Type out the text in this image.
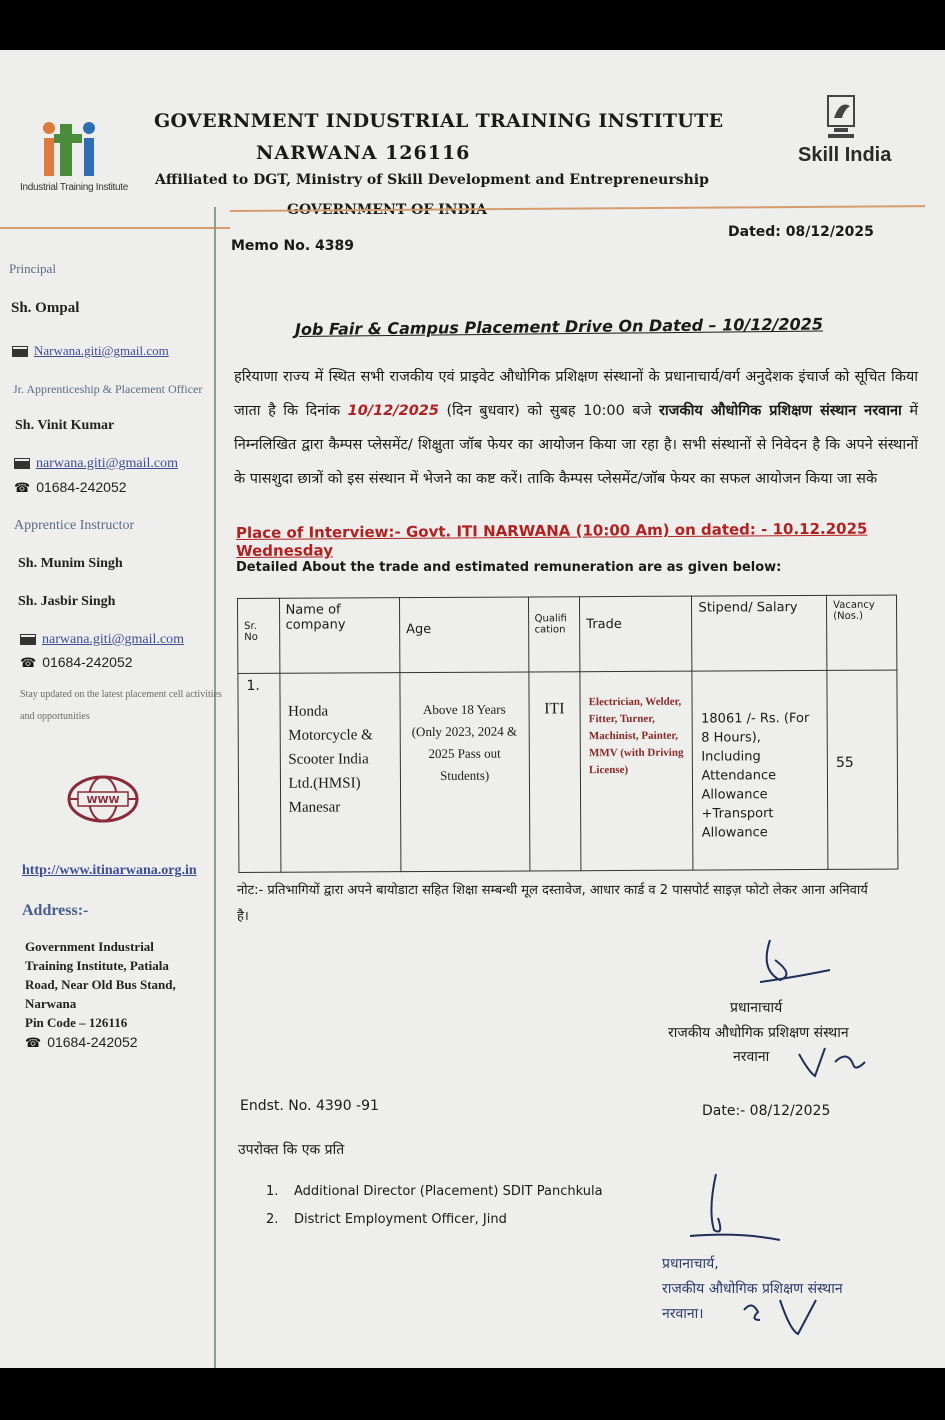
Industrial Training Institute
GOVERNMENT INDUSTRIAL TRAINING INSTITUTE
NARWANA 126116
Affiliated to DGT, Ministry of Skill Development and Entrepreneurship
Skill India
Principal
Sh. Ompal
Narwana.giti@gmail.com
Jr. Apprenticeship & Placement Officer
Sh. Vinit Kumar
narwana.giti@gmail.com
☎ 01684-242052
Apprentice Instructor
Sh. Munim Singh
Sh. Jasbir Singh
narwana.giti@gmail.com
☎ 01684-242052
Stay updated on the latest placement cell activities and opportunities
WWW
http://www.itinarwana.org.in
Address:-
Government Industrial
Training Institute, Patiala
Road, Near Old Bus Stand,
Narwana
Pin Code – 126116
☎ 01684-242052
Memo No. 4389
Dated: 08/12/2025
Job Fair & Campus Placement Drive On Dated – 10/12/2025
हरियाणा राज्य में स्थित सभी राजकीय एवं प्राइवेट औधोगिक प्रशिक्षण संस्थानों के प्रधानाचार्य/वर्ग अनुदेशक इंचार्ज को सूचित किया जाता है कि दिनांक 10/12/2025 (दिन बुधवार) को सुबह 10:00 बजे राजकीय औधोगिक प्रशिक्षण संस्थान नरवाना में निम्नलिखित द्वारा कैम्पस प्लेसमेंट/ शिक्षुता जॉब फेयर का आयोजन किया जा रहा है। सभी संस्थानों से निवेदन है कि अपने संस्थानों के पासशुदा छात्रों को इस संस्थान में भेजने का कष्ट करें। ताकि कैम्पस प्लेसमेंट/जॉब फेयर का सफल आयोजन किया जा सके
Place of Interview:- Govt. ITI NARWANA (10:00 Am) on dated: - 10.12.2025 Wednesday
Detailed About the trade and estimated remuneration are as given below:
Sr. No	Name of company	Age	Qualifi cation	Trade	Stipend/ Salary	Vacancy (Nos.)
1.	Honda Motorcycle & Scooter India Ltd.(HMSI) Manesar	Above 18 Years (Only 2023, 2024 & 2025 Pass out Students)	ITI	Electrician, Welder, Fitter, Turner, Machinist, Painter, MMV (with Driving License)	18061 /- Rs. (For 8 Hours), Including Attendance Allowance +Transport Allowance	55
नोट:- प्रतिभागियों द्वारा अपने बायोडाटा सहित शिक्षा सम्बन्धी मूल दस्तावेज, आधार कार्ड व 2 पासपोर्ट साइज़ फोटो लेकर आना अनिवार्य है।
प्रधानाचार्य
राजकीय औधोगिक प्रशिक्षण संस्थान
नरवाना
Endst. No. 4390 -91	Date:- 08/12/2025
उपरोक्त कि एक प्रति
1. Additional Director (Placement) SDIT Panchkula
2. District Employment Officer, Jind
प्रधानाचार्य,
राजकीय औधोगिक प्रशिक्षण संस्थान
नरवाना।
